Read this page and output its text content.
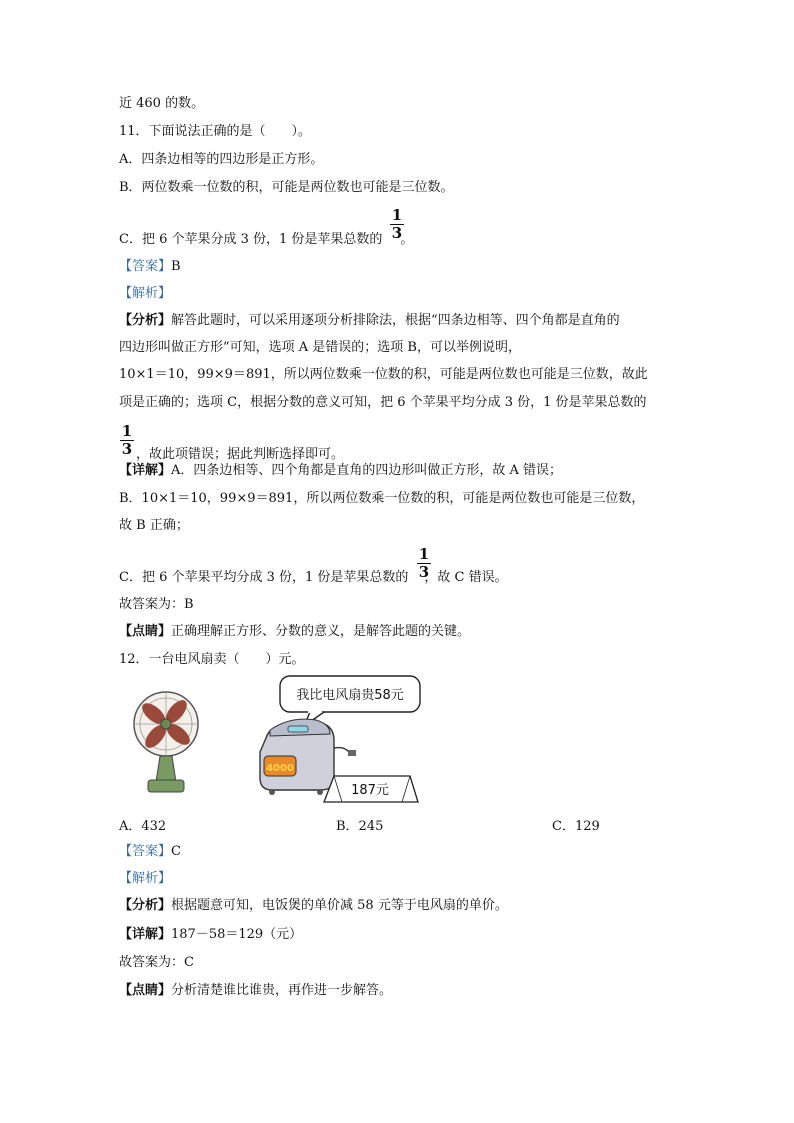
近 460 的数。
11．下面说法正确的是（　　）。
A．四条边相等的四边形是正方形。
B．两位数乘一位数的积，可能是两位数也可能是三位数。
C．把 6 个苹果分成 3 份，1 份是苹果总数的 。
$\frac{1}{3}$
【答案】B
【解析】
【分析】解答此题时，可以采用逐项分析排除法，根据“四条边相等、四个角都是直角的
四边形叫做正方形”可知，选项 A 是错误的；选项 B，可以举例说明，
10×1＝10，99×9＝891，所以两位数乘一位数的积，可能是两位数也可能是三位数，故此
项是正确的；选项 C，根据分数的意义可知，把 6 个苹果平均分成 3 份，1 份是苹果总数的
$\frac{1}{3}$ ，故此项错误；据此判断选择即可。
【详解】A．四条边相等、四个角都是直角的四边形叫做正方形，故 A 错误；
B．10×1＝10，99×9＝891，所以两位数乘一位数的积，可能是两位数也可能是三位数，
故 B 正确；
C．把 6 个苹果平均分成 3 份，1 份是苹果总数的 ，故 C 错误。
$\frac{1}{3}$
故答案为：B
【点睛】正确理解正方形、分数的意义，是解答此题的关键。
12．一台电风扇卖（　　）元。
我比电风扇贵58元
4000
187元
A．432	B．245	C．129
【答案】C
【解析】
【分析】根据题意可知，电饭煲的单价减 58 元等于电风扇的单价。
【详解】187－58＝129（元）
故答案为：C
【点睛】分析清楚谁比谁贵，再作进一步解答。
